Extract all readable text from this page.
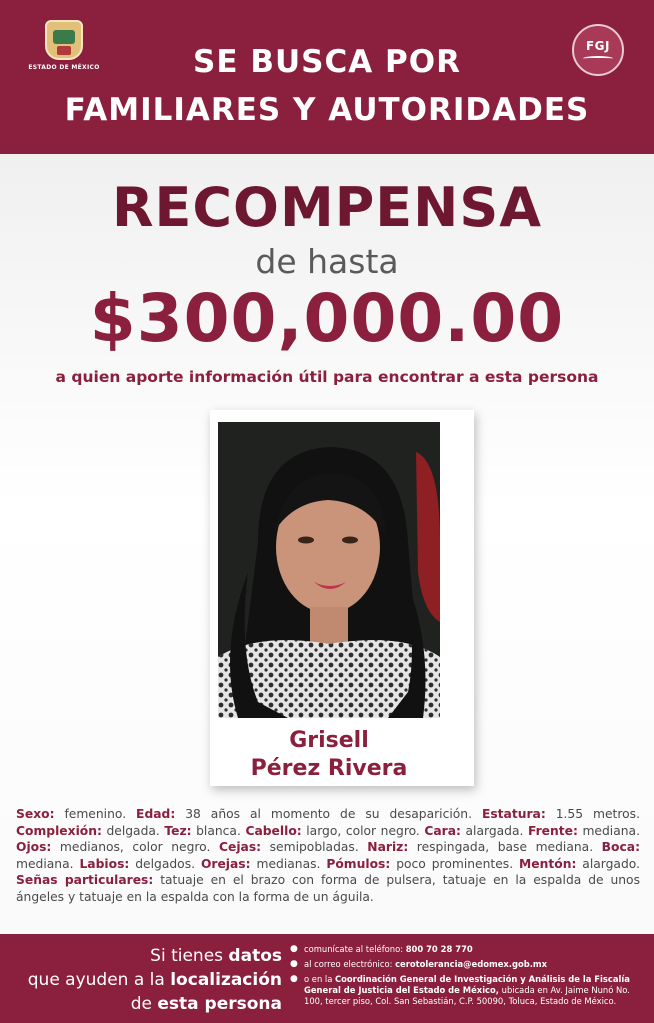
ESTADO DE MÉXICO
FGJ
SE BUSCA POR
FAMILIARES Y AUTORIDADES
RECOMPENSA
de hasta
$300,000.00
a quien aporte información útil para encontrar a esta persona
Grisell
Pérez Rivera
Sexo: femenino. Edad: 38 años al momento de su desaparición. Estatura: 1.55 metros. Complexión: delgada. Tez: blanca. Cabello: largo, color negro. Cara: alargada. Frente: mediana. Ojos: medianos, color negro. Cejas: semipobladas. Nariz: respingada, base mediana. Boca: mediana. Labios: delgados. Orejas: medianas. Pómulos: poco prominentes. Mentón: alargado. Señas particulares: tatuaje en el brazo con forma de pulsera, tatuaje en la espalda de unos ángeles y tatuaje en la espalda con la forma de un águila.
Si tienes datos
que ayuden a la localización
de esta persona
● comunícate al teléfono: 800 70 28 770
● al correo electrónico: cerotolerancia@edomex.gob.mx
● o en la Coordinación General de Investigación y Análisis de la Fiscalía General de Justicia del Estado de México, ubicada en Av. Jaime Nunó No. 100, tercer piso, Col. San Sebastián, C.P. 50090, Toluca, Estado de México.
